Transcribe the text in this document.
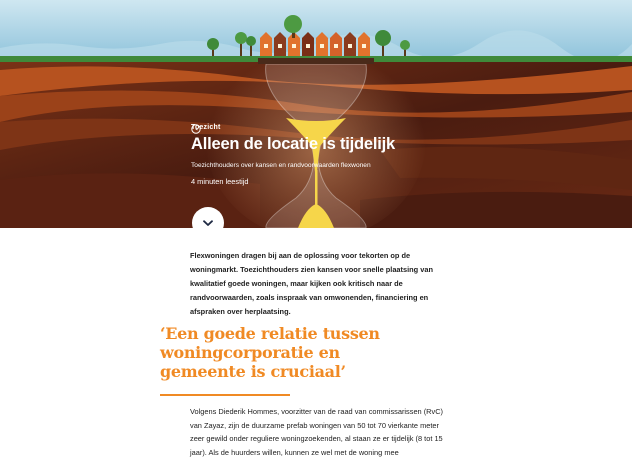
Toezicht
Alleen de locatie is tijdelijk
Toezichthouders over kansen en randvoorwaarden flexwonen
4 minuten leestijd

Flexwoningen dragen bij aan de oplossing voor tekorten op de woningmarkt. Toezichthouders zien kansen voor snelle plaatsing van kwalitatief goede woningen, maar kijken ook kritisch naar de randvoorwaarden, zoals inspraak van omwonenden, financiering en afspraken over herplaatsing.

‘Een goede relatie tussen woningcorporatie en gemeente is cruciaal’

Volgens Diederik Hommes, voorzitter van de raad van commissarissen (RvC) van Zayaz, zijn de duurzame prefab woningen van 50 tot 70 vierkante meter zeer gewild onder reguliere woningzoekenden, al staan ze er tijdelijk (8 tot 15 jaar). Als de huurders willen, kunnen ze wel met de woning mee
